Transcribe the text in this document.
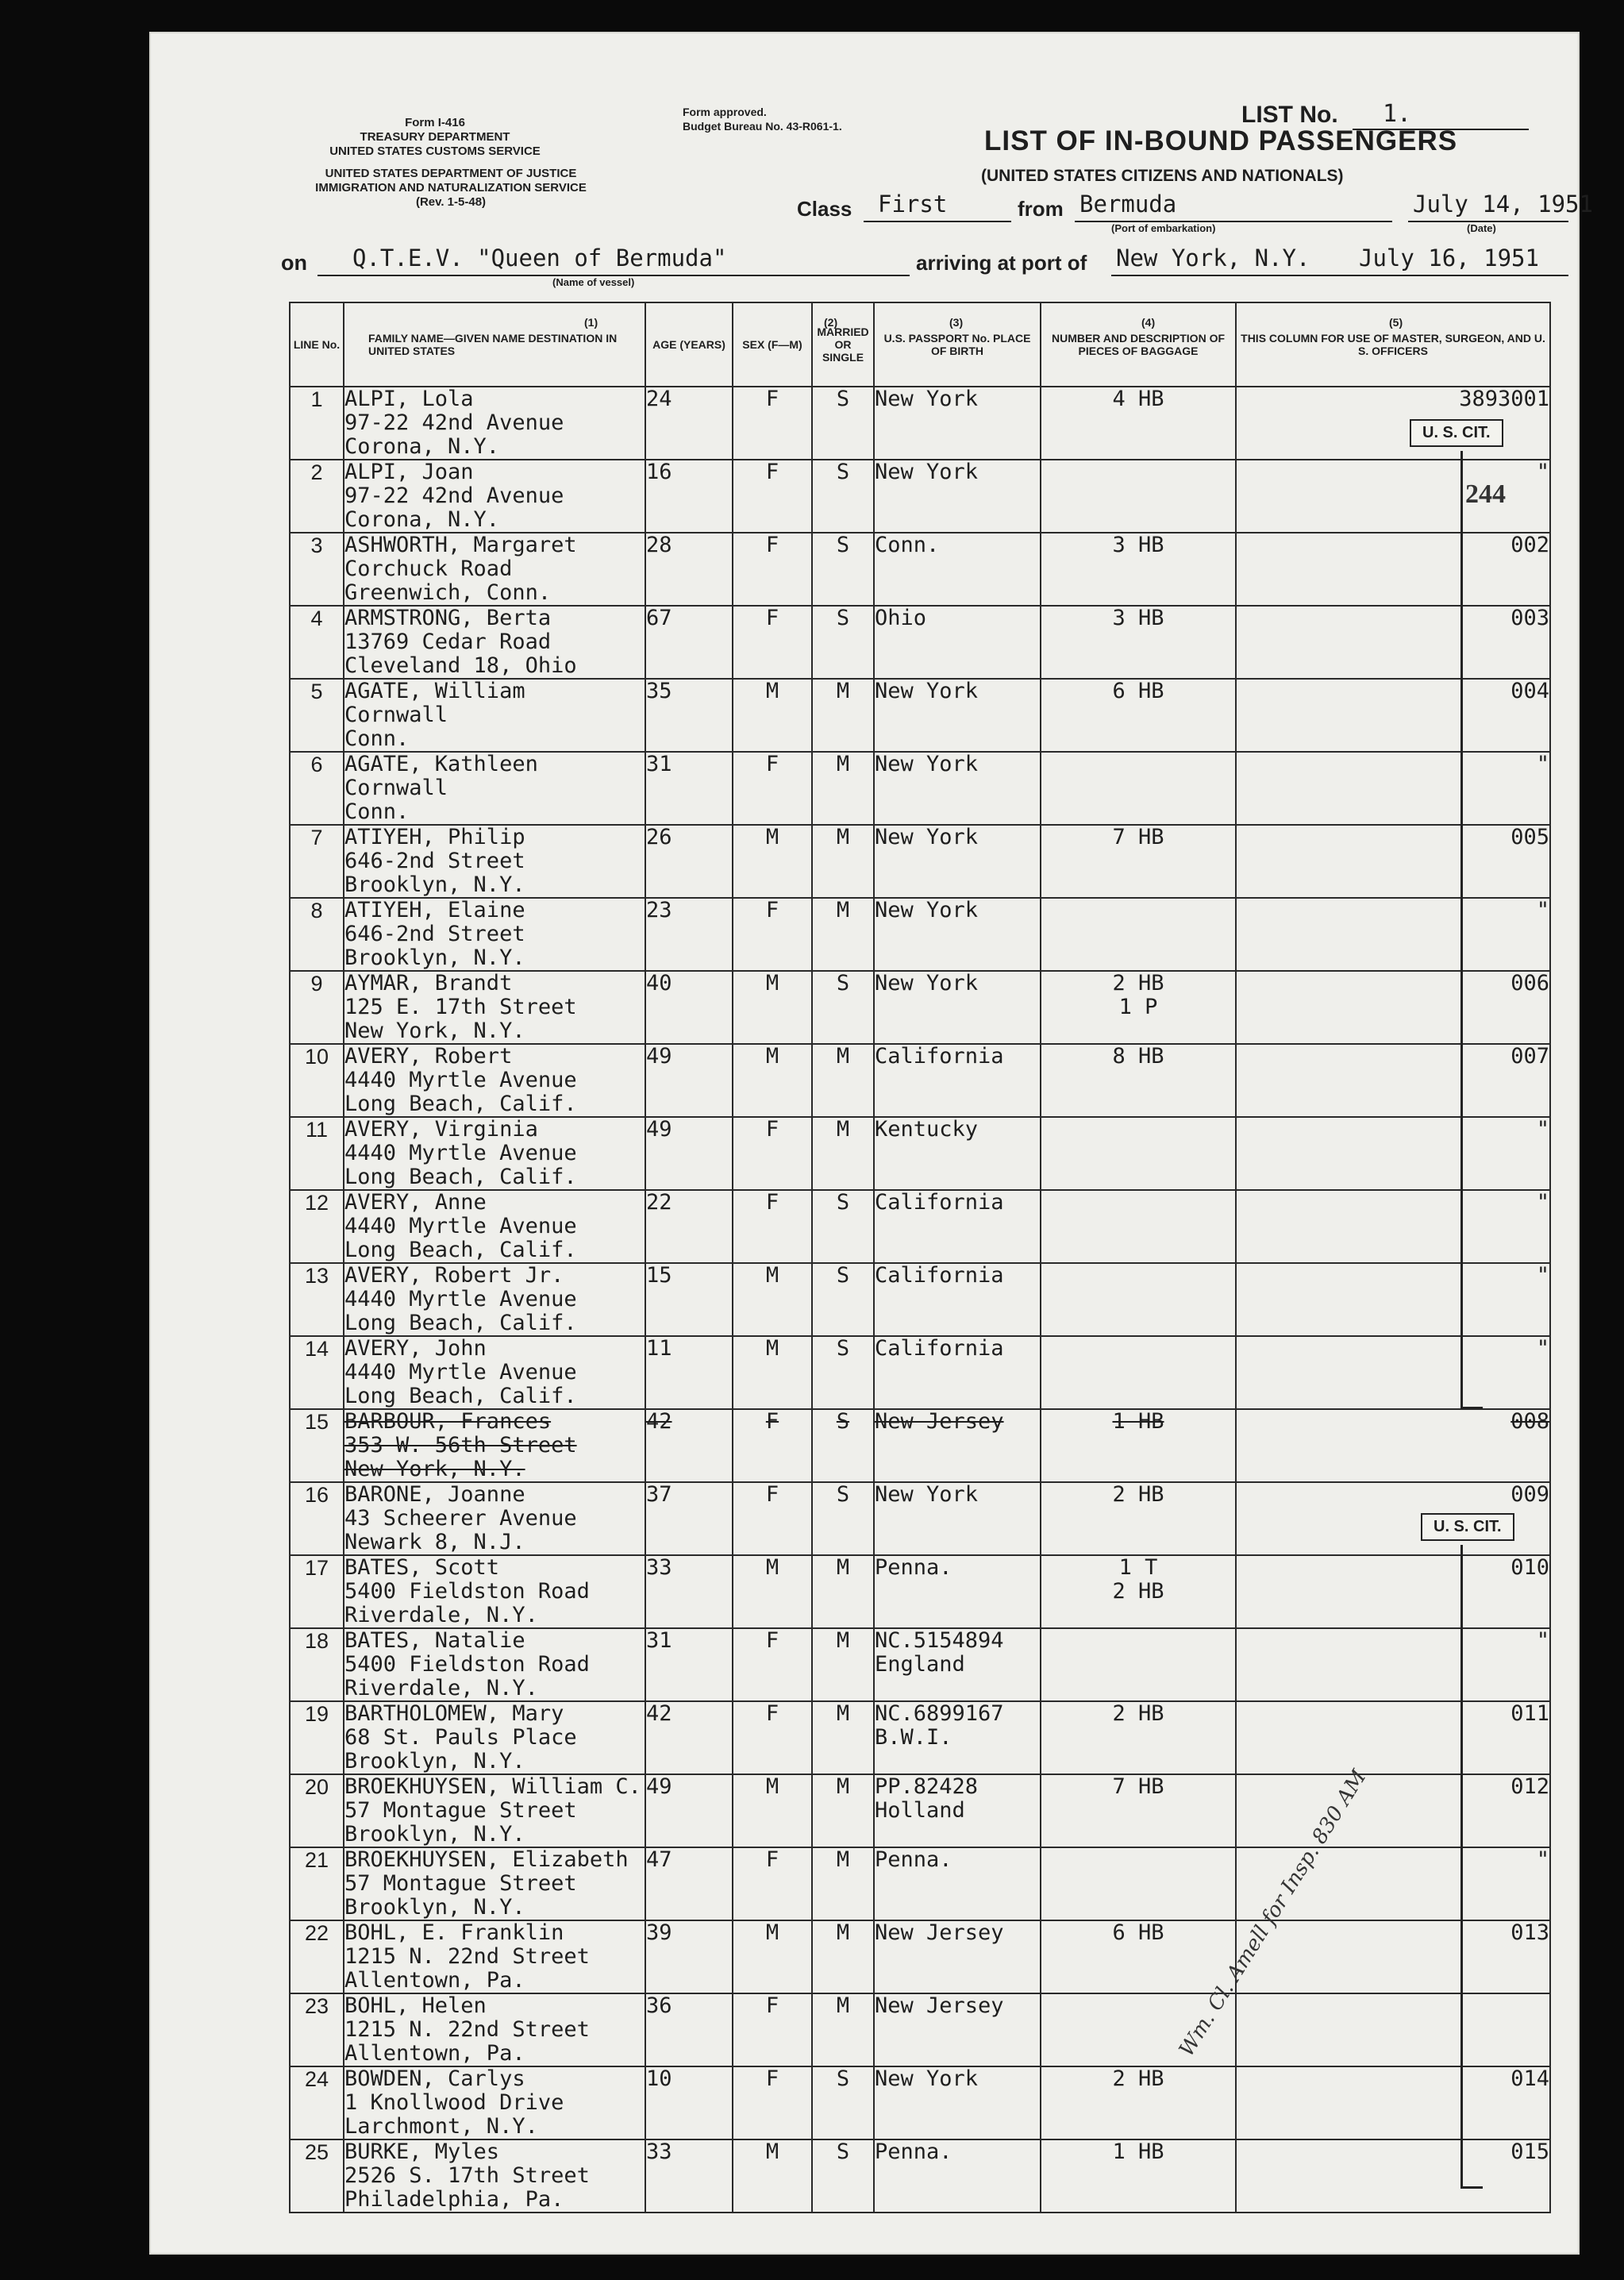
Form I-416
TREASURY DEPARTMENT
UNITED STATES CUSTOMS SERVICE
UNITED STATES DEPARTMENT OF JUSTICE
IMMIGRATION AND NATURALIZATION SERVICE
(Rev. 1-5-48)
Form approved.
Budget Bureau No. 43-R061-1.	LIST No. 1.
LIST OF IN-BOUND PASSENGERS
(UNITED STATES CITIZENS AND NATIONALS)
Class First	from Bermuda
(Port of embarkation)
July 14, 1951
(Date)
on Q.T.E.V. "Queen of Bermuda"
(Name of vessel)
arriving at port of New York, N.Y. July 16, 1951
(1)	(2)	(3)	(4)	(5)
LINE No.	FAMILY NAME—GIVEN NAME DESTINATION IN UNITED STATES	AGE (YEARS)	SEX (F—M)	MARRIED OR SINGLE	U.S. PASSPORT No. PLACE OF BIRTH	NUMBER AND DESCRIPTION OF PIECES OF BAGGAGE	THIS COLUMN FOR USE OF MASTER, SURGEON, AND U. S. OFFICERS
1	ALPI, Lola
97-22 42nd Avenue
Corona, N.Y.	24	F	S	New York	4 HB	3893001
2	ALPI, Joan
97-22 42nd Avenue
Corona, N.Y.	16	F	S	New York		"
3	ASHWORTH, Margaret
Corchuck Road
Greenwich, Conn.	28	F	S	Conn.	3 HB	002
4	ARMSTRONG, Berta
13769 Cedar Road
Cleveland 18, Ohio	67	F	S	Ohio	3 HB	003
5	AGATE, William
Cornwall
Conn.	35	M	M	New York	6 HB	004
6	AGATE, Kathleen
Cornwall
Conn.	31	F	M	New York		"
7	ATIYEH, Philip
646-2nd Street
Brooklyn, N.Y.	26	M	M	New York	7 HB	005
8	ATIYEH, Elaine
646-2nd Street
Brooklyn, N.Y.	23	F	M	New York		"
9	AYMAR, Brandt
125 E. 17th Street
New York, N.Y.	40	M	S	New York	2 HB
1 P	006
10	AVERY, Robert
4440 Myrtle Avenue
Long Beach, Calif.	49	M	M	California	8 HB	007
11	AVERY, Virginia
4440 Myrtle Avenue
Long Beach, Calif.	49	F	M	Kentucky		"
12	AVERY, Anne
4440 Myrtle Avenue
Long Beach, Calif.	22	F	S	California		"
13	AVERY, Robert Jr.
4440 Myrtle Avenue
Long Beach, Calif.	15	M	S	California		"
14	AVERY, John
4440 Myrtle Avenue
Long Beach, Calif.	11	M	S	California		"
15	BARBOUR, Frances
353 W. 56th Street
New York, N.Y.	42	F	S	New Jersey	1 HB	008
16	BARONE, Joanne
43 Scheerer Avenue
Newark 8, N.J.	37	F	S	New York	2 HB	009
17	BATES, Scott
5400 Fieldston Road
Riverdale, N.Y.	33	M	M	Penna.	1 T
2 HB	010
18	BATES, Natalie
5400 Fieldston Road
Riverdale, N.Y.	31	F	M	NC.5154894
England		"
19	BARTHOLOMEW, Mary
68 St. Pauls Place
Brooklyn, N.Y.	42	F	M	NC.6899167
B.W.I.	2 HB	011
20	BROEKHUYSEN, William C.
57 Montague Street
Brooklyn, N.Y.	49	M	M	PP.82428
Holland	7 HB	012
21	BROEKHUYSEN, Elizabeth
57 Montague Street
Brooklyn, N.Y.	47	F	M	Penna.		"
22	BOHL, E. Franklin
1215 N. 22nd Street
Allentown, Pa.	39	M	M	New Jersey	6 HB	013
23	BOHL, Helen
1215 N. 22nd Street
Allentown, Pa.	36	F	M	New Jersey		
24	BOWDEN, Carlys
1 Knollwood Drive
Larchmont, N.Y.	10	F	S	New York	2 HB	014
25	BURKE, Myles
2526 S. 17th Street
Philadelphia, Pa.	33	M	S	Penna.	1 HB	015
U. S. CIT.
U. S. CIT.
244
Wm. Cl. Amell for Insp. 830 AM
